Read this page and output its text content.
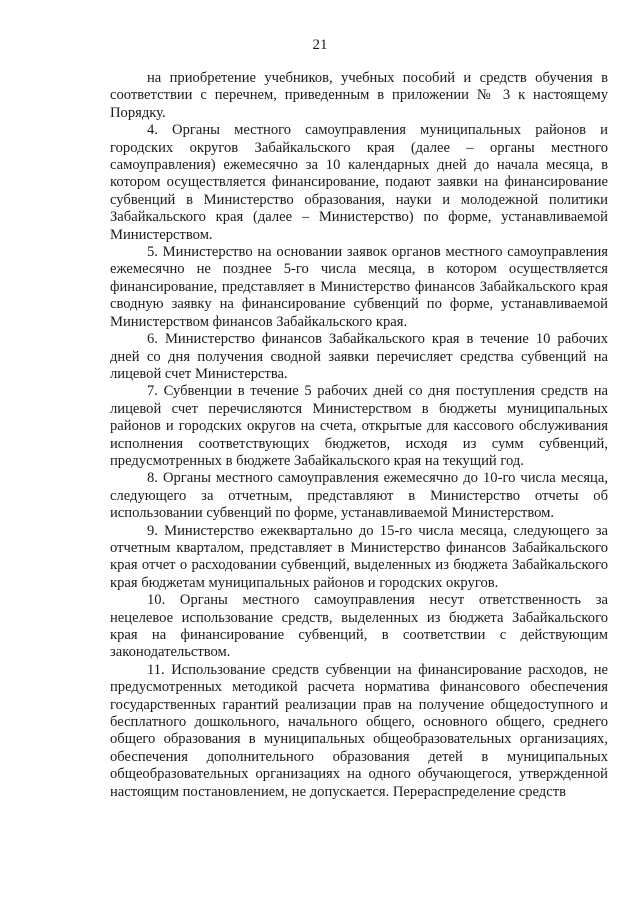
21

на приобретение учебников, учебных пособий и средств обучения в соответствии с перечнем, приведенным в приложении № 3 к настоящему Порядку.

4. Органы местного самоуправления муниципальных районов и городских округов Забайкальского края (далее – органы местного самоуправления) ежемесячно за 10 календарных дней до начала месяца, в котором осуществляется финансирование, подают заявки на финансирование субвенций в Министерство образования, науки и молодежной политики Забайкальского края (далее – Министерство) по форме, устанавливаемой Министерством.

5. Министерство на основании заявок органов местного самоуправления ежемесячно не позднее 5-го числа месяца, в котором осуществляется финансирование, представляет в Министерство финансов Забайкальского края сводную заявку на финансирование субвенций по форме, устанавливаемой Министерством финансов Забайкальского края.

6. Министерство финансов Забайкальского края в течение 10 рабочих дней со дня получения сводной заявки перечисляет средства субвенций на лицевой счет Министерства.

7. Субвенции в течение 5 рабочих дней со дня поступления средств на лицевой счет перечисляются Министерством в бюджеты муниципальных районов и городских округов на счета, открытые для кассового обслуживания исполнения соответствующих бюджетов, исходя из сумм субвенций, предусмотренных в бюджете Забайкальского края на текущий год.

8. Органы местного самоуправления ежемесячно до 10-го числа месяца, следующего за отчетным, представляют в Министерство отчеты об использовании субвенций по форме, устанавливаемой Министерством.

9. Министерство ежеквартально до 15-го числа месяца, следующего за отчетным кварталом, представляет в Министерство финансов Забайкальского края отчет о расходовании субвенций, выделенных из бюджета Забайкальского края бюджетам муниципальных районов и городских округов.

10. Органы местного самоуправления несут ответственность за нецелевое использование средств, выделенных из бюджета Забайкальского края на финансирование субвенций, в соответствии с действующим законодательством.

11. Использование средств субвенции на финансирование расходов, не предусмотренных методикой расчета норматива финансового обеспечения государственных гарантий реализации прав на получение общедоступного и бесплатного дошкольного, начального общего, основного общего, среднего общего образования в муниципальных общеобразовательных организациях, обеспечения дополнительного образования детей в муниципальных общеобразовательных организациях на одного обучающегося, утвержденной настоящим постановлением, не допускается. Перераспределение средств
